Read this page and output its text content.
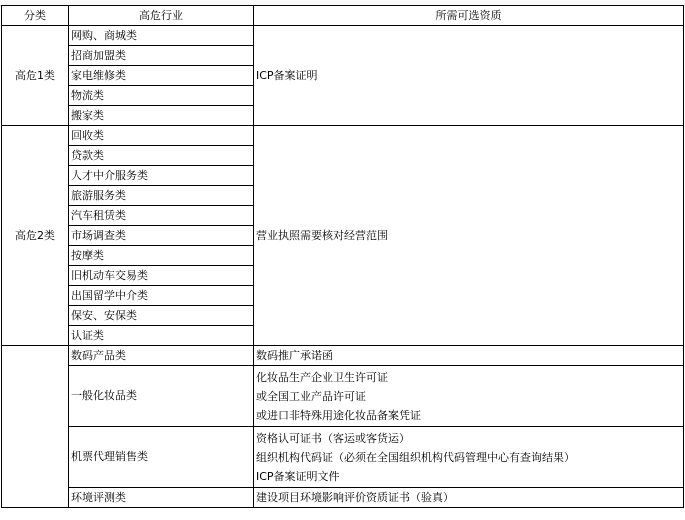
分类	高危行业	所需可选资质
高危1类	网购、商城类	ICP备案证明
	招商加盟类	
	家电维修类	
	物流类	
	搬家类	
高危2类	回收类	营业执照需要核对经营范围
	贷款类	
	人才中介服务类	
	旅游服务类	
	汽车租赁类	
	市场调查类	
	按摩类	
	旧机动车交易类	
	出国留学中介类	
	保安、安保类	
	认证类	
	数码产品类	数码推广承诺函
	一般化妆品类	化妆品生产企业卫生许可证
或全国工业产品许可证
或进口非特殊用途化妆品备案凭证

	机票代理销售类	资格认可证书（客运或客货运）
组织机构代码证（必须在全国组织机构代码管理中心有查询结果）
ICP备案证明文件

	环境评测类	建设项目环境影响评价资质证书（验真）
